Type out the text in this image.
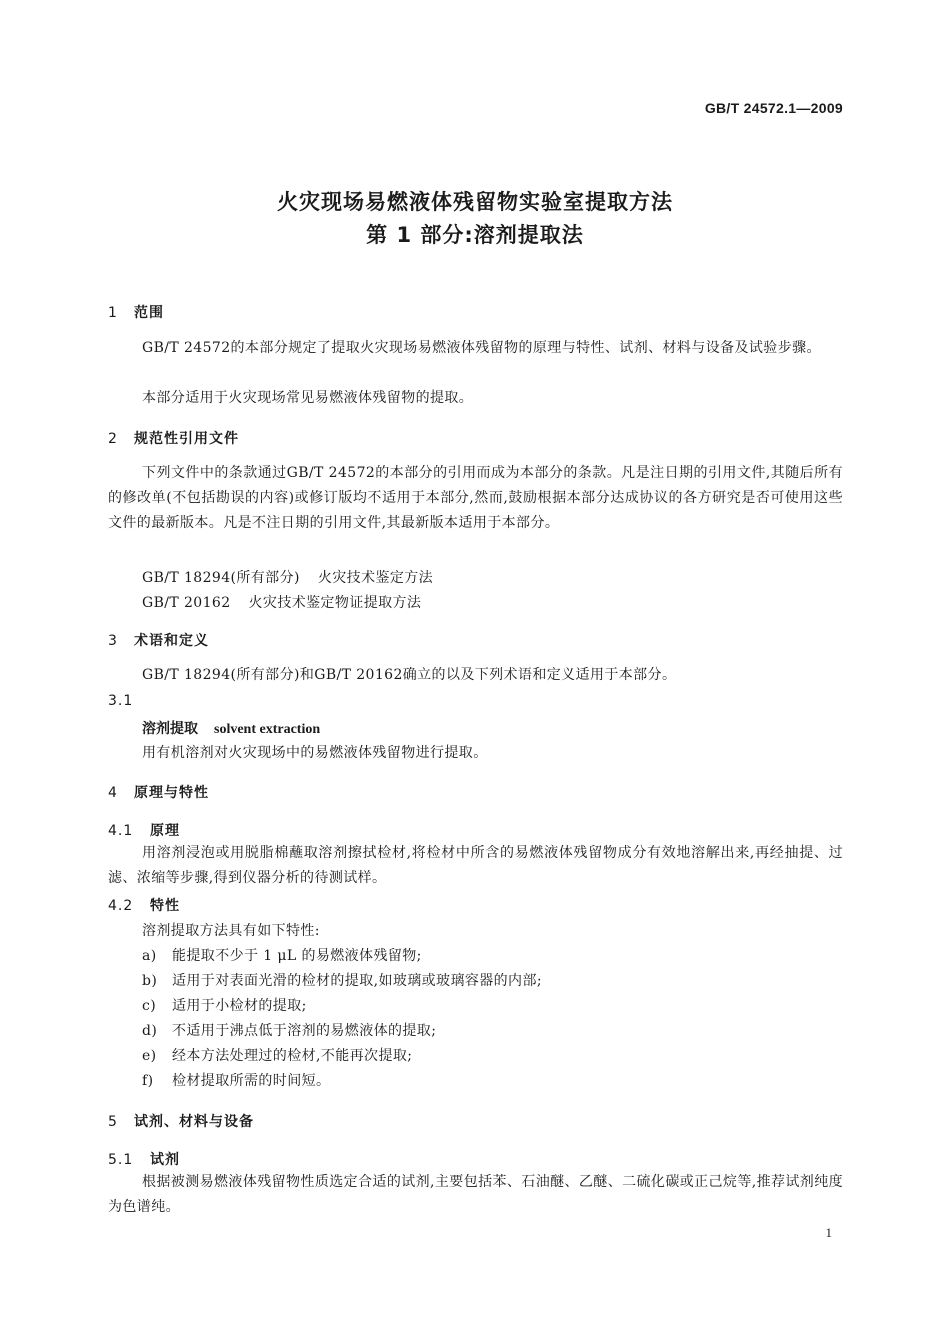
GB/T 24572.1—2009
火灾现场易燃液体残留物实验室提取方法
第 1 部分:溶剂提取法
1 范围
GB/T 24572的本部分规定了提取火灾现场易燃液体残留物的原理与特性、试剂、材料与设备及试验步骤。
本部分适用于火灾现场常见易燃液体残留物的提取。
2 规范性引用文件
下列文件中的条款通过GB/T 24572的本部分的引用而成为本部分的条款。凡是注日期的引用文件,其随后所有的修改单(不包括勘误的内容)或修订版均不适用于本部分,然而,鼓励根据本部分达成协议的各方研究是否可使用这些文件的最新版本。凡是不注日期的引用文件,其最新版本适用于本部分。
GB/T 18294(所有部分) 火灾技术鉴定方法
GB/T 20162 火灾技术鉴定物证提取方法
3 术语和定义
GB/T 18294(所有部分)和GB/T 20162确立的以及下列术语和定义适用于本部分。
3.1
溶剂提取 solvent extraction
用有机溶剂对火灾现场中的易燃液体残留物进行提取。
4 原理与特性
4.1 原理
用溶剂浸泡或用脱脂棉蘸取溶剂擦拭检材,将检材中所含的易燃液体残留物成分有效地溶解出来,再经抽提、过滤、浓缩等步骤,得到仪器分析的待测试样。
4.2 特性
溶剂提取方法具有如下特性:
a) 能提取不少于 1 μL 的易燃液体残留物;
b) 适用于对表面光滑的检材的提取,如玻璃或玻璃容器的内部;
c) 适用于小检材的提取;
d) 不适用于沸点低于溶剂的易燃液体的提取;
e) 经本方法处理过的检材,不能再次提取;
f) 检材提取所需的时间短。
5 试剂、材料与设备
5.1 试剂
根据被测易燃液体残留物性质选定合适的试剂,主要包括苯、石油醚、乙醚、二硫化碳或正己烷等,推荐试剂纯度为色谱纯。
1
